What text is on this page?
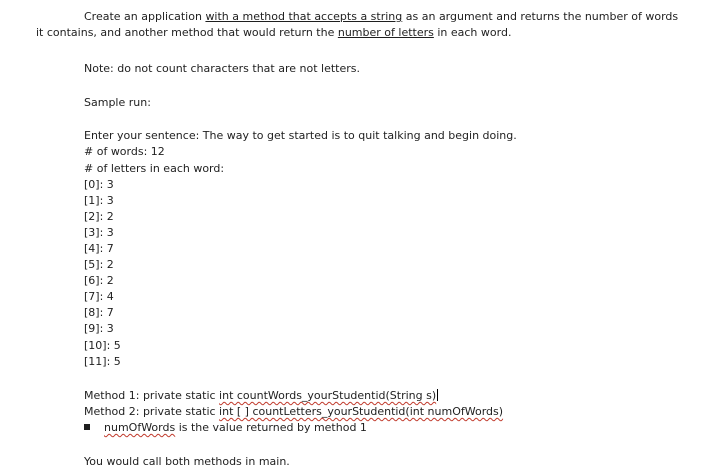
Create an application with a method that accepts a string as an argument and returns the number of words
it contains, and another method that would return the number of letters in each word.
Note: do not count characters that are not letters.
Sample run:
Enter your sentence: The way to get started is to quit talking and begin doing.
# of words: 12
# of letters in each word:
[0]: 3
[1]: 3
[2]: 2
[3]: 3
[4]: 7
[5]: 2
[6]: 2
[7]: 4
[8]: 7
[9]: 3
[10]: 5
[11]: 5
Method 1: private static int countWords_yourStudentid(String s)
Method 2: private static int [ ] countLetters_yourStudentid(int numOfWords)
numOfWords is the value returned by method 1
You would call both methods in main.
